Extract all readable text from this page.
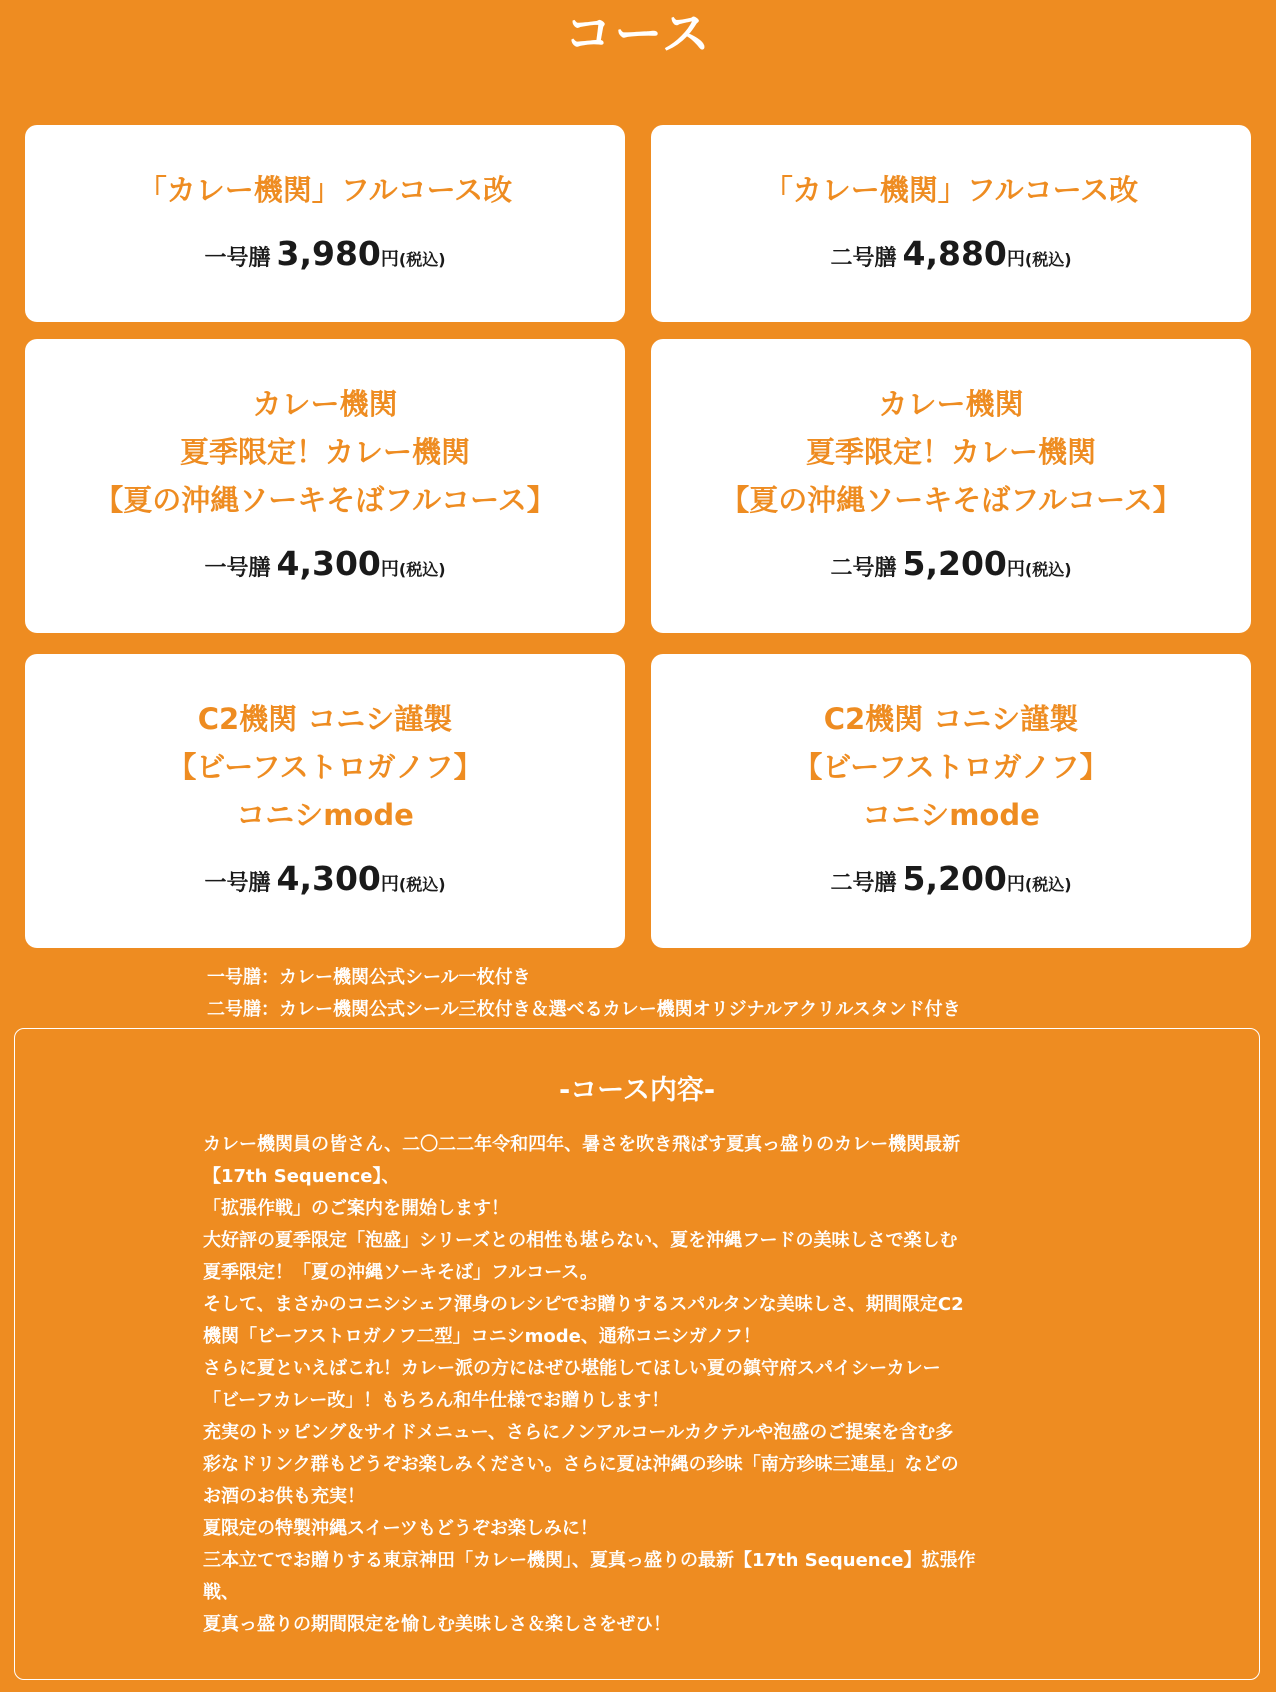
コース
「カレー機関」フルコース改
一号膳 3,980円(税込)
「カレー機関」フルコース改
二号膳 4,880円(税込)
カレー機関
夏季限定！カレー機関
【夏の沖縄ソーキそばフルコース】
一号膳 4,300円(税込)
カレー機関
夏季限定！カレー機関
【夏の沖縄ソーキそばフルコース】
二号膳 5,200円(税込)
C2機関 コニシ謹製
【ビーフストロガノフ】
コニシmode
一号膳 4,300円(税込)
C2機関 コニシ謹製
【ビーフストロガノフ】
コニシmode
二号膳 5,200円(税込)
一号膳：カレー機関公式シール一枚付き
二号膳：カレー機関公式シール三枚付き＆選べるカレー機関オリジナルアクリルスタンド付き
-コース内容-
カレー機関員の皆さん、二〇二二年令和四年、暑さを吹き飛ばす夏真っ盛りのカレー機関最新
【17th Sequence】、
「拡張作戦」のご案内を開始します！
大好評の夏季限定「泡盛」シリーズとの相性も堪らない、夏を沖縄フードの美味しさで楽しむ
夏季限定！「夏の沖縄ソーキそば」フルコース。
そして、まさかのコニシシェフ渾身のレシピでお贈りするスパルタンな美味しさ、期間限定C2
機関「ビーフストロガノフ二型」コニシmode、通称コニシガノフ！
さらに夏といえばこれ！カレー派の方にはぜひ堪能してほしい夏の鎮守府スパイシーカレー
「ビーフカレー改」！もちろん和牛仕様でお贈りします！
充実のトッピング＆サイドメニュー、さらにノンアルコールカクテルや泡盛のご提案を含む多
彩なドリンク群もどうぞお楽しみください。さらに夏は沖縄の珍味「南方珍味三連星」などの
お酒のお供も充実！
夏限定の特製沖縄スイーツもどうぞお楽しみに！
三本立てでお贈りする東京神田「カレー機関」、夏真っ盛りの最新【17th Sequence】拡張作
戦、
夏真っ盛りの期間限定を愉しむ美味しさ＆楽しさをぜひ！
